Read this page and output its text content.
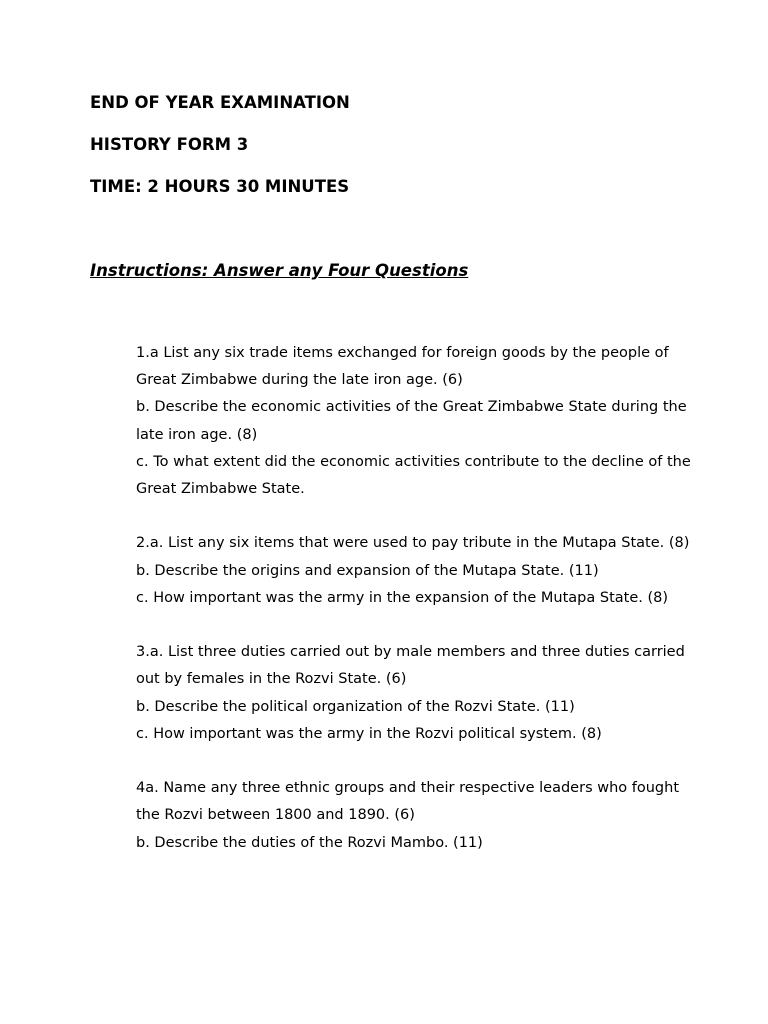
END OF YEAR EXAMINATION
HISTORY FORM 3
TIME: 2 HOURS 30 MINUTES

Instructions: Answer any Four Questions

1.a List any six trade items exchanged for foreign goods by the people of Great Zimbabwe during the late iron age. (6)

b. Describe the economic activities of the Great Zimbabwe State during the late iron age. (8)

c. To what extent did the economic activities contribute to the decline of the Great Zimbabwe State.

2.a. List any six items that were used to pay tribute in the Mutapa State. (8)

b. Describe the origins and expansion of the Mutapa State. (11)

c. How important was the army in the expansion of the Mutapa State. (8)

3.a. List three duties carried out by male members and three duties carried out by females in the Rozvi State. (6)

b. Describe the political organization of the Rozvi State. (11)

c. How important was the army in the Rozvi political system. (8)

4a. Name any three ethnic groups and their respective leaders who fought the Rozvi between 1800 and 1890. (6)

b. Describe the duties of the Rozvi Mambo. (11)
